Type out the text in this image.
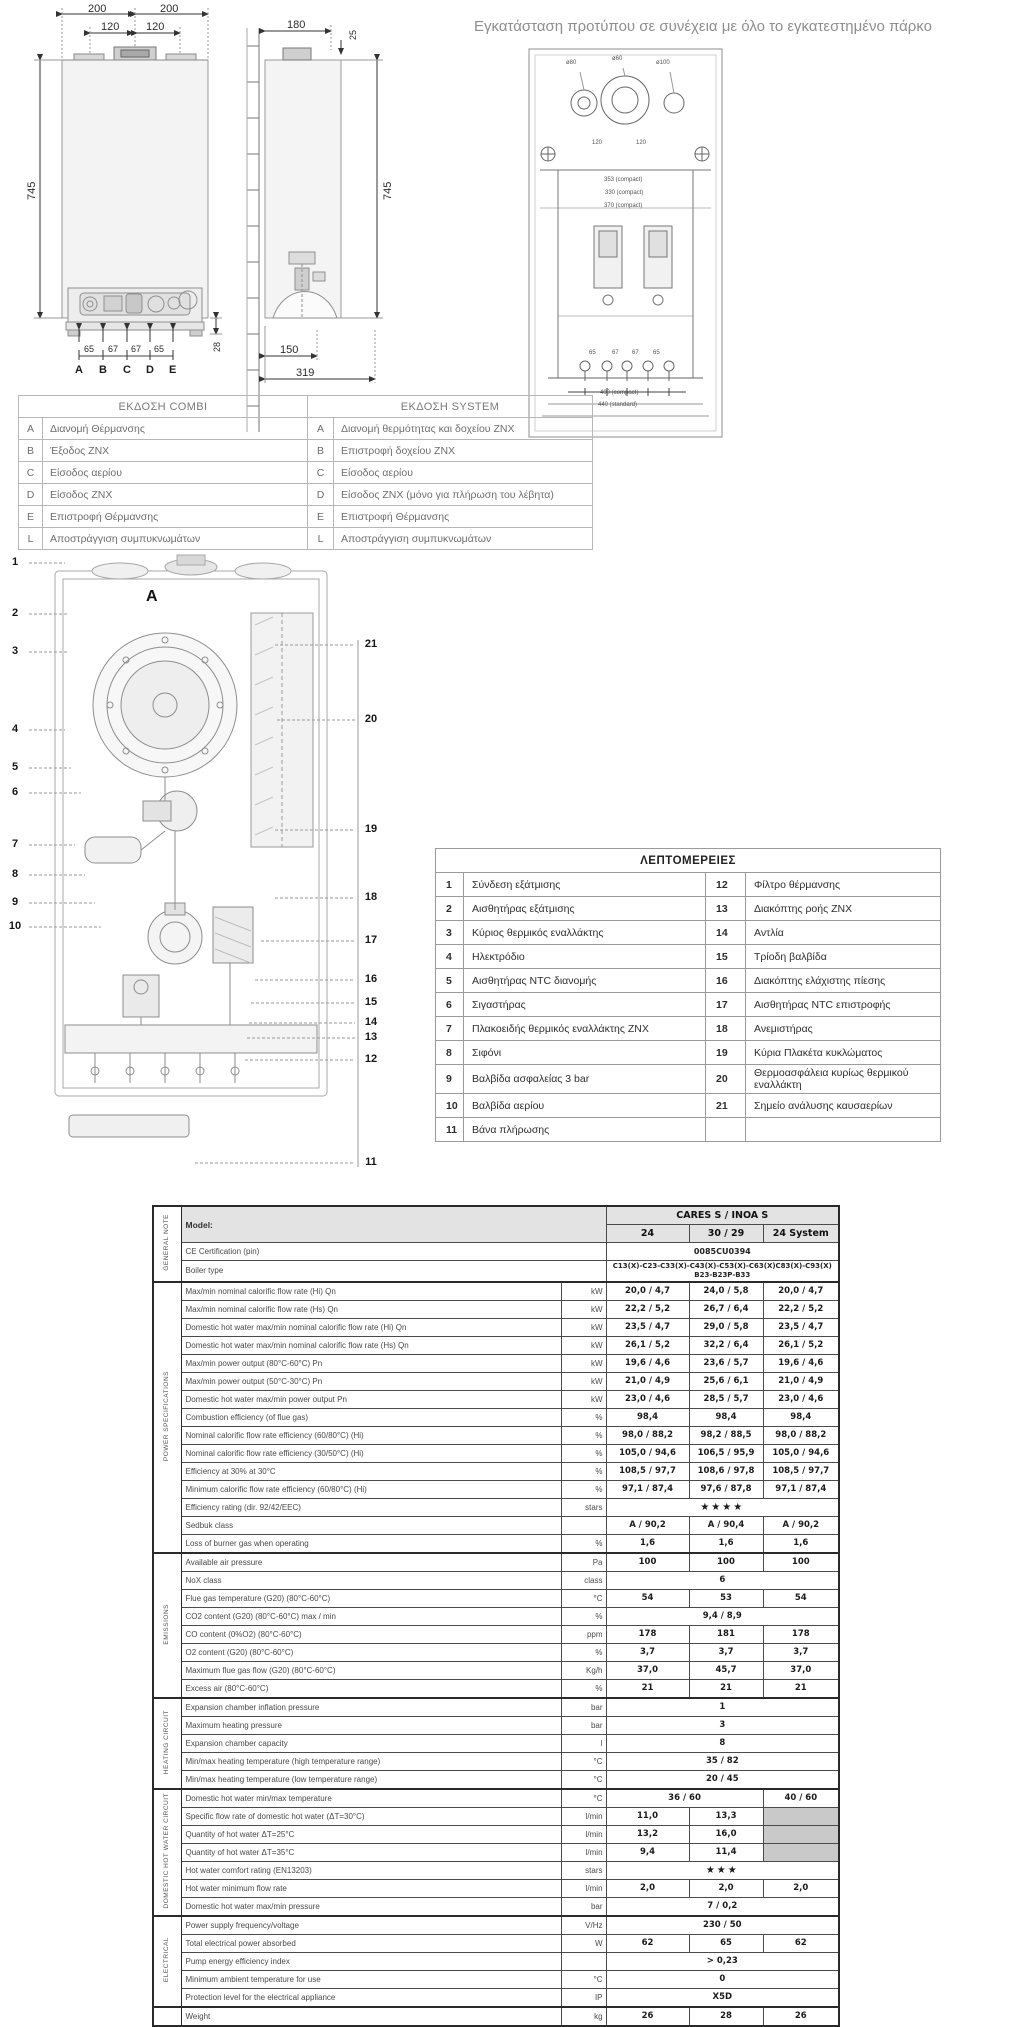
200	200
120 120
745
65 67 67 65	28
A B C D E
180
25
745
150
319
Εγκατάσταση προτύπου σε συνέχεια με όλο το εγκατεστημένο πάρκο
ø80
ø60
ø100
120	120
353 (compact)
330 (compact)
370 (compact)
65	67 67 65
400 (compact)
440 (standard)
ΕΚΔΟΣΗ COMBI		ΕΚΔΟΣΗ SYSTEM	
A	Διανομή Θέρμανσης	A	Διανομή θερμότητας και δοχείου ZNX
B	Έξοδος ZNX	B	Επιστροφή δοχείου ZNX
C	Είσοδος αερίου	C	Είσοδος αερίου
D	Είσοδος ZNX	D	Είσοδος ZNX (μόνο για πλήρωση του λέβητα)
E	Επιστροφή Θέρμανσης	E	Επιστροφή Θέρμανσης
L	Αποστράγγιση συμπυκνωμάτων	L	Αποστράγγιση συμπυκνωμάτων
A
1
2
3
4
5
6
7
8
9
10
21
20
19
18
17
16
15
14
13
12
11
ΛΕΠΤΟΜΕΡΕΙΕΣ			
1	Σύνδεση εξάτμισης	12	Φίλτρο θέρμανσης
2	Αισθητήρας εξάτμισης	13	Διακόπτης ροής ZNX
3	Κύριος θερμικός εναλλάκτης	14	Αντλία
4	Ηλεκτρόδιο	15	Τρίοδη βαλβίδα
5	Αισθητήρας NTC διανομής	16	Διακόπτης ελάχιστης πίεσης
6	Σιγαστήρας	17	Αισθητήρας NTC επιστροφής
7	Πλακοειδής θερμικός εναλλάκτης ZNX	18	Ανεμιστήρας
8	Σιφόνι	19	Κύρια Πλακέτα κυκλώματος
9	Βαλβίδα ασφαλείας 3 bar	20	Θερμοασφάλεια κυρίως θερμικού εναλλάκτη
10	Βαλβίδα αερίου	21	Σημείο ανάλυσης καυσαερίων
11	Βάνα πλήρωσης		
GENERAL NOTE	Model:		CARES S / INOA S		
			24	30 / 29	24 System
	CE Certification (pin)		0085CU0394		
	Boiler type		C13(X)-C23-C33(X)-C43(X)-C53(X)-C63(X)C83(X)-C93(X) B23-B23P-B33		
POWER SPECIFICATIONS	Max/min nominal calorific flow rate (Hi) Qn	kW	20,0 / 4,7	24,0 / 5,8	20,0 / 4,7
	Max/min nominal calorific flow rate (Hs) Qn	kW	22,2 / 5,2	26,7 / 6,4	22,2 / 5,2
	Domestic hot water max/min nominal calorific flow rate (Hi) Qn	kW	23,5 / 4,7	29,0 / 5,8	23,5 / 4,7
	Domestic hot water max/min nominal calorific flow rate (Hs) Qn	kW	26,1 / 5,2	32,2 / 6,4	26,1 / 5,2
	Max/min power output (80°C-60°C) Pn	kW	19,6 / 4,6	23,6 / 5,7	19,6 / 4,6
	Max/min power output (50°C-30°C) Pn	kW	21,0 / 4,9	25,6 / 6,1	21,0 / 4,9
	Domestic hot water max/min power output Pn	kW	23,0 / 4,6	28,5 / 5,7	23,0 / 4,6
	Combustion efficiency (of flue gas)	%	98,4	98,4	98,4
	Nominal calorific flow rate efficiency (60/80°C) (Hi)	%	98,0 / 88,2	98,2 / 88,5	98,0 / 88,2
	Nominal calorific flow rate efficiency (30/50°C) (Hi)	%	105,0 / 94,6	106,5 / 95,9	105,0 / 94,6
	Efficiency at 30% at 30°C	%	108,5 / 97,7	108,6 / 97,8	108,5 / 97,7
	Minimum calorific flow rate efficiency (60/80°C) (Hi)	%	97,1 / 87,4	97,6 / 87,8	97,1 / 87,4
	Efficiency rating (dir. 92/42/EEC)	stars	★★★★		
	Sedbuk class		A / 90,2	A / 90,4	A / 90,2
	Loss of burner gas when operating	%	1,6	1,6	1,6
EMISSIONS	Available air pressure	Pa	100	100	100
	NoX class	class	6		
	Flue gas temperature (G20) (80°C-60°C)	°C	54	53	54
	CO2 content (G20) (80°C-60°C) max / min	%	9,4 / 8,9		
	CO content (0%O2) (80°C-60°C)	ppm	178	181	178
	O2 content (G20) (80°C-60°C)	%	3,7	3,7	3,7
	Maximum flue gas flow (G20) (80°C-60°C)	Kg/h	37,0	45,7	37,0
	Excess air (80°C-60°C)	%	21	21	21
HEATING CIRCUIT	Expansion chamber inflation pressure	bar	1		
	Maximum heating pressure	bar	3		
	Expansion chamber capacity	l	8		
	Min/max heating temperature (high temperature range)	°C	35 / 82		
	Min/max heating temperature (low temperature range)	°C	20 / 45		
DOMESTIC HOT WATER CIRCUIT	Domestic hot water min/max temperature	°C	36 / 60		40 / 60
	Specific flow rate of domestic hot water (ΔT=30°C)	l/min	11,0	13,3	
	Quantity of hot water ΔT=25°C	l/min	13,2	16,0	
	Quantity of hot water ΔT=35°C	l/min	9,4	11,4	
	Hot water comfort rating (EN13203)	stars	★★★		
	Hot water minimum flow rate	l/min	2,0	2,0	2,0
	Domestic hot water max/min pressure	bar	7 / 0,2		
ELECTRICAL	Power supply frequency/voltage	V/Hz	230 / 50		
	Total electrical power absorbed	W	62	65	62
	Pump energy efficiency index		> 0,23		
	Minimum ambient temperature for use	°C	0		
	Protection level for the electrical appliance	IP	X5D		
	Weight	kg	26	28	26
